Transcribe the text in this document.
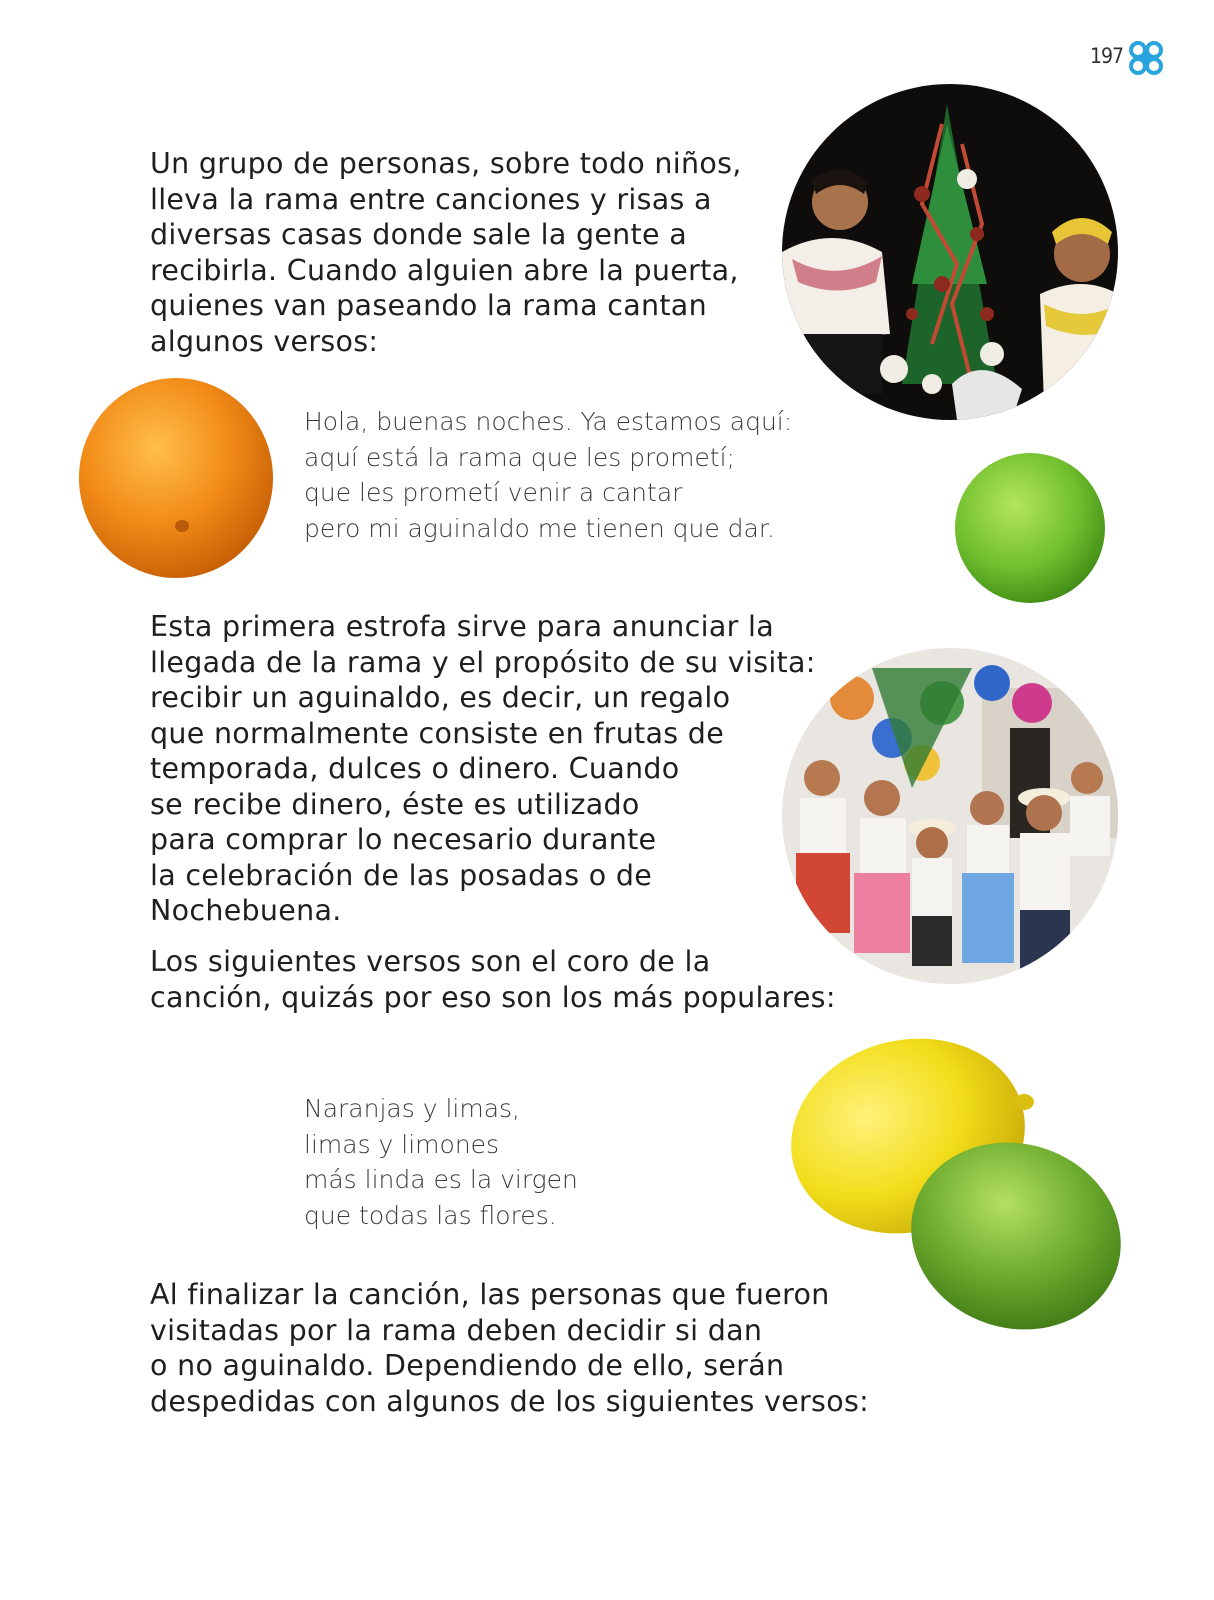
197
Un grupo de personas, sobre todo niños,
lleva la rama entre canciones y risas a
diversas casas donde sale la gente a
recibirla. Cuando alguien abre la puerta,
quienes van paseando la rama cantan
algunos versos:
Hola, buenas noches. Ya estamos aquí:
aquí está la rama que les prometí;
que les prometí venir a cantar
pero mi aguinaldo me tienen que dar.
Esta primera estrofa sirve para anunciar la
llegada de la rama y el propósito de su visita:
recibir un aguinaldo, es decir, un regalo
que normalmente consiste en frutas de
temporada, dulces o dinero. Cuando
se recibe dinero, éste es utilizado
para comprar lo necesario durante
la celebración de las posadas o de
Nochebuena.
Los siguientes versos son el coro de la
canción, quizás por eso son los más populares:
Naranjas y limas,
limas y limones
más linda es la virgen
que todas las flores.
Al finalizar la canción, las personas que fueron
visitadas por la rama deben decidir si dan
o no aguinaldo. Dependiendo de ello, serán
despedidas con algunos de los siguientes versos:
